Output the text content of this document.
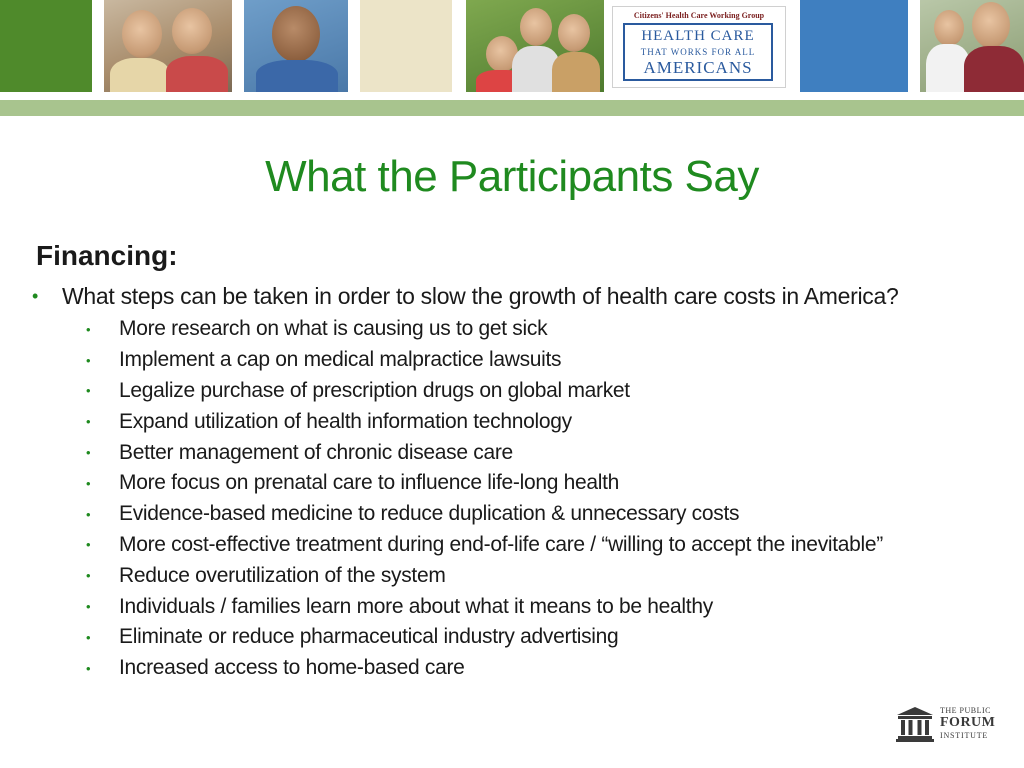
Citizens' Health Care Working Group
HEALTH CARE
THAT WORKS FOR ALL
AMERICANS
What the Participants Say
Financing:
• What steps can be taken in order to slow the growth of health care costs in America?
•	More research on what is causing us to get sick
•	Implement a cap on medical malpractice lawsuits
•	Legalize purchase of prescription drugs on global market
•	Expand utilization of health information technology
•	Better management of chronic disease care
•	More focus on prenatal care to influence life-long health
•	Evidence-based medicine to reduce duplication & unnecessary costs
•	More cost-effective treatment during end-of-life care / “willing to accept the inevitable”
•	Reduce overutilization of the system
•	Individuals / families learn more about what it means to be healthy
•	Eliminate or reduce pharmaceutical industry advertising
•	Increased access to home-based care
THE PUBLIC
FORUM
INSTITUTE
